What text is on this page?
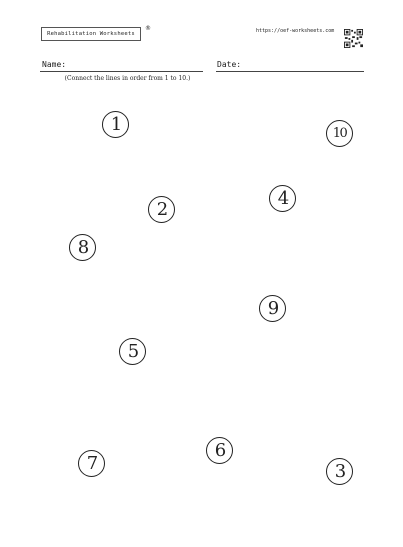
Rehabilitation Worksheets
®	https://oef-worksheets.com
Name:	Date:
(Connect the lines in order from 1 to 10.)
1	10
4
2
8
9
5
6
7	3
